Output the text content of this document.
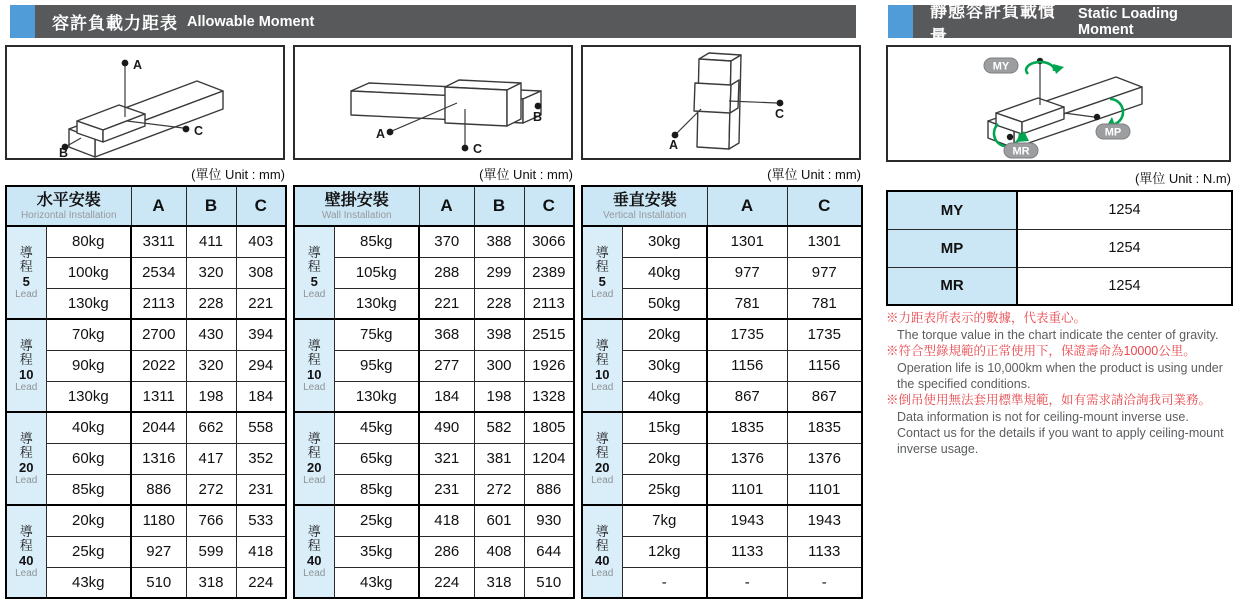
容許負載力距表 Allowable Moment
靜態容許負載慣量
Static Loading Moment
A
B
C	A
B
C	A
C
MY
MP
MR
(單位 Unit : mm)	(單位 Unit : mm)	(單位 Unit : mm)	(單位 Unit : N.m)
水平安裝
Horizontal Installation		A	B	C

導程
5
Lead	80kg	3311	411	403
	100kg	2534	320	308
	130kg	2113	228	221

導程
10
Lead	70kg	2700	430	394
	90kg	2022	320	294
	130kg	1311	198	184

導程
20
Lead	40kg	2044	662	558
	60kg	1316	417	352
	85kg	886	272	231

導程
40
Lead	20kg	1180	766	533
	25kg	927	599	418
	43kg	510	318	224
壁掛安裝
Wall Installation		A	B	C

導程
5
Lead	85kg	370	388	3066
	105kg	288	299	2389
	130kg	221	228	2113

導程
10
Lead	75kg	368	398	2515
	95kg	277	300	1926
	130kg	184	198	1328

導程
20
Lead	45kg	490	582	1805
	65kg	321	381	1204
	85kg	231	272	886

導程
40
Lead	25kg	418	601	930
	35kg	286	408	644
	43kg	224	318	510
垂直安裝
Vertical Installation		A	C

導程
5
Lead	30kg	1301	1301
	40kg	977	977
	50kg	781	781

導程
10
Lead	20kg	1735	1735
	30kg	1156	1156
	40kg	867	867

導程
20
Lead	15kg	1835	1835
	20kg	1376	1376
	25kg	1101	1101

導程
40
Lead	7kg	1943	1943
	12kg	1133	1133
	-	-	-
MY	1254
MP	1254
MR	1254
※力距表所表示的數據，代表重心。
The torque value in the chart indicate the center of gravity.
※符合型錄規範的正常使用下，保證壽命為10000公里。
Operation life is 10,000km when the product is using under the specified conditions.
※倒吊使用無法套用標準規範，如有需求請洽詢我司業務。
Data information is not for ceiling-mount inverse use. Contact us for the details if you want to apply ceiling-mount inverse usage.
